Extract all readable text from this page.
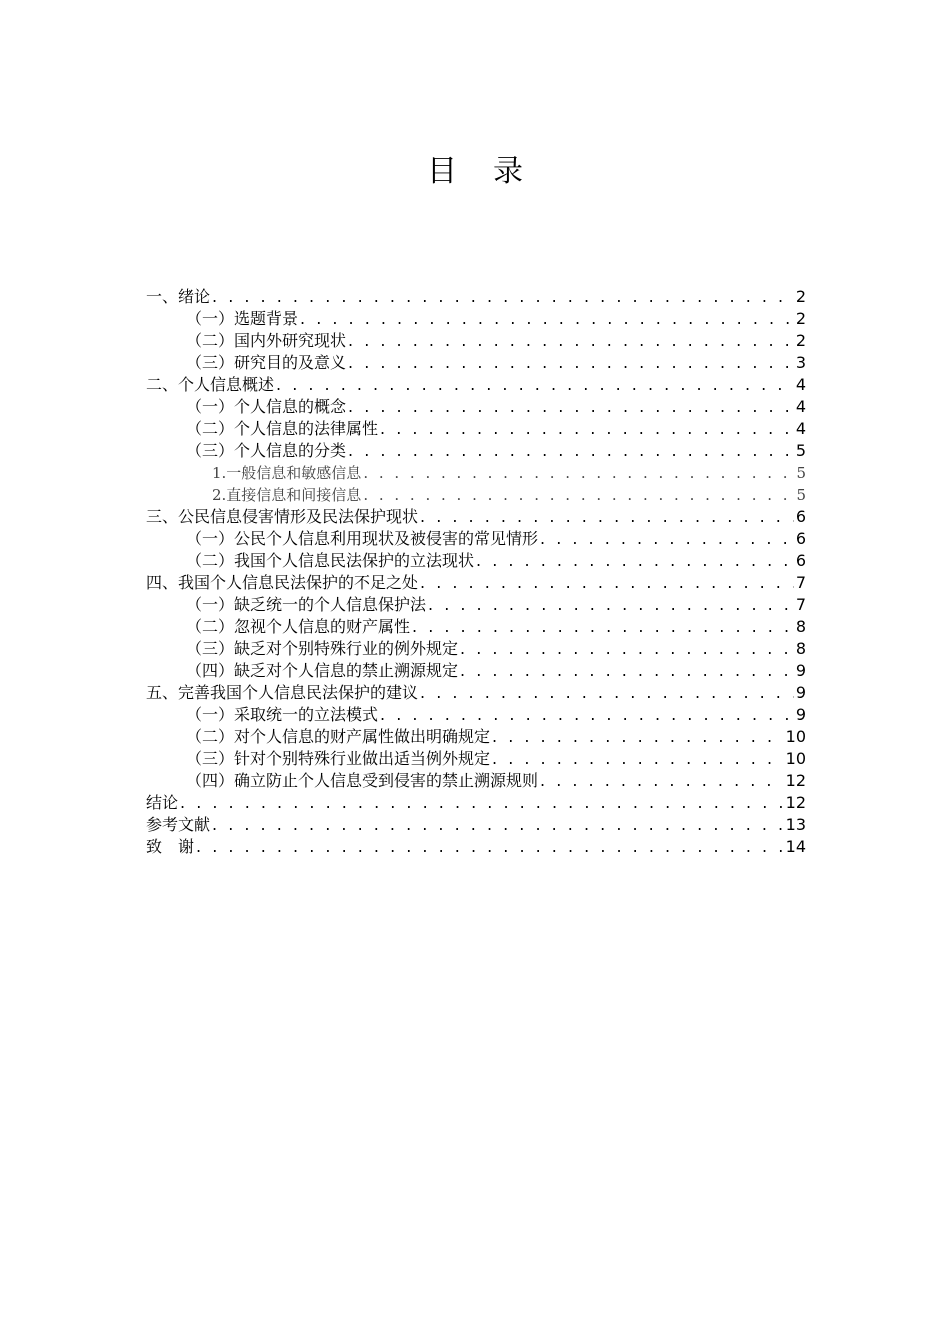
目 录
一、绪论 . . .	2
（一）选题背景 . . .	2
（二）国内外研究现状 . . .	2
（三）研究目的及意义 . . .	3
二、个人信息概述 . . .	4
（一）个人信息的概念 . . .	4
（二）个人信息的法律属性 . . .	4
（三）个人信息的分类 . . .	5
1.一般信息和敏感信息 . . .	5
2.直接信息和间接信息 . . .	5
三、公民信息侵害情形及民法保护现状 . . .	6
（一）公民个人信息利用现状及被侵害的常见情形 . . .	6
（二）我国个人信息民法保护的立法现状 . . .	6
四、我国个人信息民法保护的不足之处 . . .	7
（一）缺乏统一的个人信息保护法 . . .	7
（二）忽视个人信息的财产属性 . . .	8
（三）缺乏对个别特殊行业的例外规定 . . .	8
（四）缺乏对个人信息的禁止溯源规定 . . .	9
五、完善我国个人信息民法保护的建议 . . .	9
（一）采取统一的立法模式 . . .	9
（二）对个人信息的财产属性做出明确规定 . . .	10
（三）针对个别特殊行业做出适当例外规定 . . .	10
（四）确立防止个人信息受到侵害的禁止溯源规则 . . .	12
结论 . . .	12
参考文献 . . .	13
致　谢 . . .	14
